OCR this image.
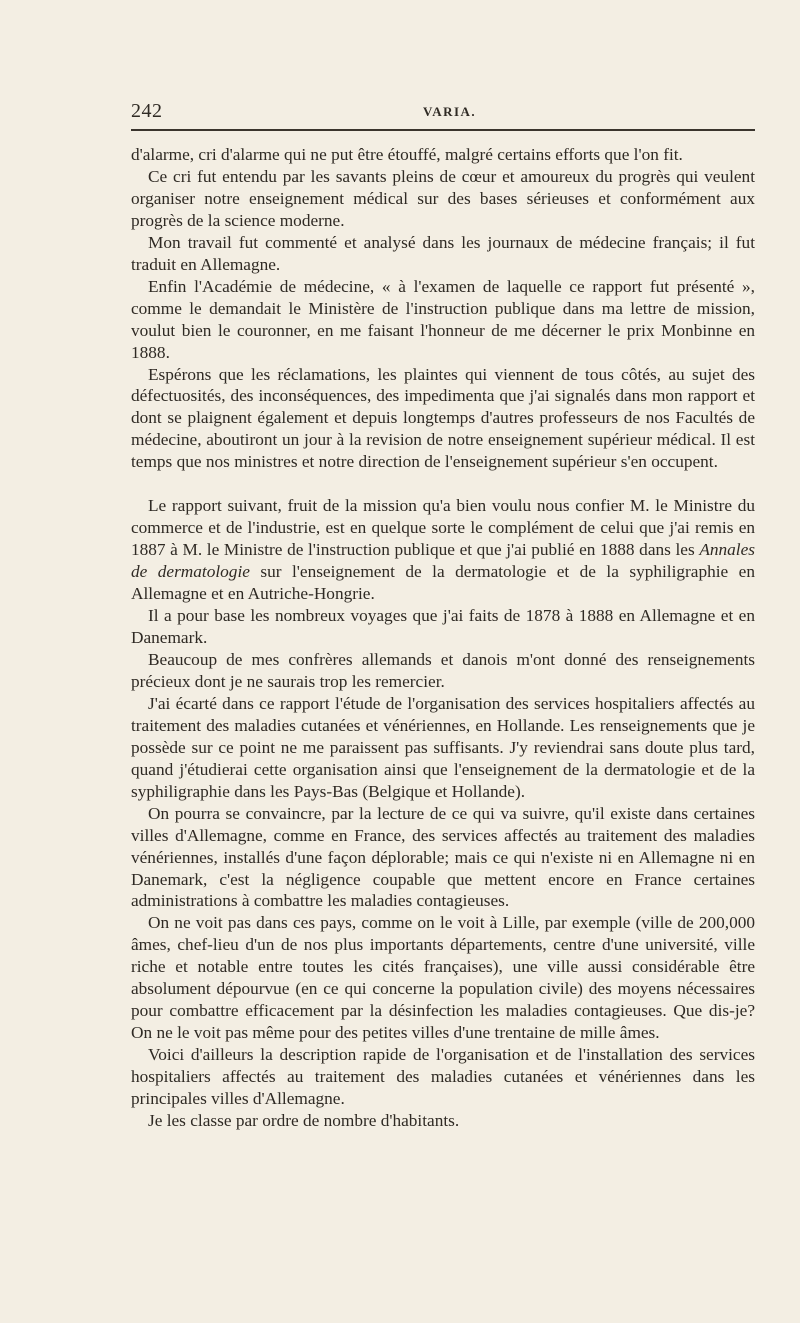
242	VARIA.

d'alarme, cri d'alarme qui ne put être étouffé, malgré certains efforts que l'on fit.

Ce cri fut entendu par les savants pleins de cœur et amoureux du progrès qui veulent organiser notre enseignement médical sur des bases sérieuses et conformément aux progrès de la science moderne.

Mon travail fut commenté et analysé dans les journaux de médecine français; il fut traduit en Allemagne.

Enfin l'Académie de médecine, « à l'examen de laquelle ce rapport fut présenté », comme le demandait le Ministère de l'instruction publique dans ma lettre de mission, voulut bien le couronner, en me faisant l'honneur de me décerner le prix Monbinne en 1888.

Espérons que les réclamations, les plaintes qui viennent de tous côtés, au sujet des défectuosités, des inconséquences, des impedimenta que j'ai signalés dans mon rapport et dont se plaignent également et depuis longtemps d'autres professeurs de nos Facultés de médecine, aboutiront un jour à la revision de notre enseignement supérieur médical. Il est temps que nos ministres et notre direction de l'enseignement supérieur s'en occupent.

Le rapport suivant, fruit de la mission qu'a bien voulu nous confier M. le Ministre du commerce et de l'industrie, est en quelque sorte le complément de celui que j'ai remis en 1887 à M. le Ministre de l'instruction publique et que j'ai publié en 1888 dans les Annales de dermatologie sur l'enseignement de la dermatologie et de la syphiligraphie en Allemagne et en Autriche-Hongrie.

Il a pour base les nombreux voyages que j'ai faits de 1878 à 1888 en Allemagne et en Danemark.

Beaucoup de mes confrères allemands et danois m'ont donné des renseignements précieux dont je ne saurais trop les remercier.

J'ai écarté dans ce rapport l'étude de l'organisation des services hospitaliers affectés au traitement des maladies cutanées et vénériennes, en Hollande. Les renseignements que je possède sur ce point ne me paraissent pas suffisants. J'y reviendrai sans doute plus tard, quand j'étudierai cette organisation ainsi que l'enseignement de la dermatologie et de la syphiligraphie dans les Pays-Bas (Belgique et Hollande).

On pourra se convaincre, par la lecture de ce qui va suivre, qu'il existe dans certaines villes d'Allemagne, comme en France, des services affectés au traitement des maladies vénériennes, installés d'une façon déplorable; mais ce qui n'existe ni en Allemagne ni en Danemark, c'est la négligence coupable que mettent encore en France certaines administrations à combattre les maladies contagieuses.

On ne voit pas dans ces pays, comme on le voit à Lille, par exemple (ville de 200,000 âmes, chef-lieu d'un de nos plus importants départements, centre d'une université, ville riche et notable entre toutes les cités françaises), une ville aussi considérable être absolument dépourvue (en ce qui concerne la population civile) des moyens nécessaires pour combattre efficacement par la désinfection les maladies contagieuses. Que dis-je? On ne le voit pas même pour des petites villes d'une trentaine de mille âmes.

Voici d'ailleurs la description rapide de l'organisation et de l'installation des services hospitaliers affectés au traitement des maladies cutanées et vénériennes dans les principales villes d'Allemagne.

Je les classe par ordre de nombre d'habitants.
